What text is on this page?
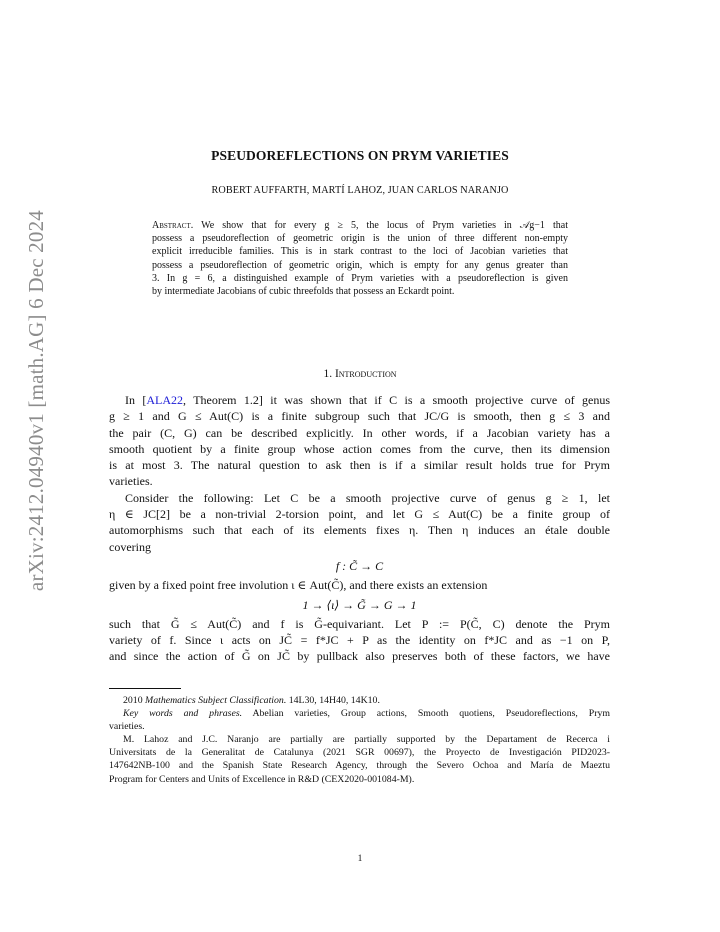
arXiv:2412.04940v1 [math.AG] 6 Dec 2024
PSEUDOREFLECTIONS ON PRYM VARIETIES
ROBERT AUFFARTH, MARTÍ LAHOZ, JUAN CARLOS NARANJO
Abstract. We show that for every g ≥ 5, the locus of Prym varieties in 𝒜g−1 that
possess a pseudoreflection of geometric origin is the union of three different non-empty
explicit irreducible families. This is in stark contrast to the loci of Jacobian varieties that
possess a pseudoreflection of geometric origin, which is empty for any genus greater than
3. In g = 6, a distinguished example of Prym varieties with a pseudoreflection is given
by intermediate Jacobians of cubic threefolds that possess an Eckardt point.
1. Introduction
In [ALA22, Theorem 1.2] it was shown that if C is a smooth projective curve of genus
g ≥ 1 and G ≤ Aut(C) is a finite subgroup such that JC/G is smooth, then g ≤ 3 and
the pair (C, G) can be described explicitly. In other words, if a Jacobian variety has a
smooth quotient by a finite group whose action comes from the curve, then its dimension
is at most 3. The natural question to ask then is if a similar result holds true for Prym
varieties.
Consider the following: Let C be a smooth projective curve of genus g ≥ 1, let
η ∈ JC[2] be a non-trivial 2-torsion point, and let G ≤ Aut(C) be a finite group of
automorphisms such that each of its elements fixes η. Then η induces an étale double
covering
f : C̃ → C
given by a fixed point free involution ι ∈ Aut(C̃), and there exists an extension
1 → ⟨ι⟩ → G̃ → G → 1
such that G̃ ≤ Aut(C̃) and f is G̃-equivariant. Let P := P(C̃, C) denote the Prym
variety of f. Since ι acts on JC̃ = f*JC + P as the identity on f*JC and as −1 on P,
and since the action of G̃ on JC̃ by pullback also preserves both of these factors, we have
2010 Mathematics Subject Classification. 14L30, 14H40, 14K10.
Key words and phrases. Abelian varieties, Group actions, Smooth quotiens, Pseudoreflections, Prym
varieties.
M. Lahoz and J.C. Naranjo are partially are partially supported by the Departament de Recerca i
Universitats de la Generalitat de Catalunya (2021 SGR 00697), the Proyecto de Investigación PID2023-
147642NB-100 and the Spanish State Research Agency, through the Severo Ochoa and María de Maeztu
Program for Centers and Units of Excellence in R&D (CEX2020-001084-M).
1
